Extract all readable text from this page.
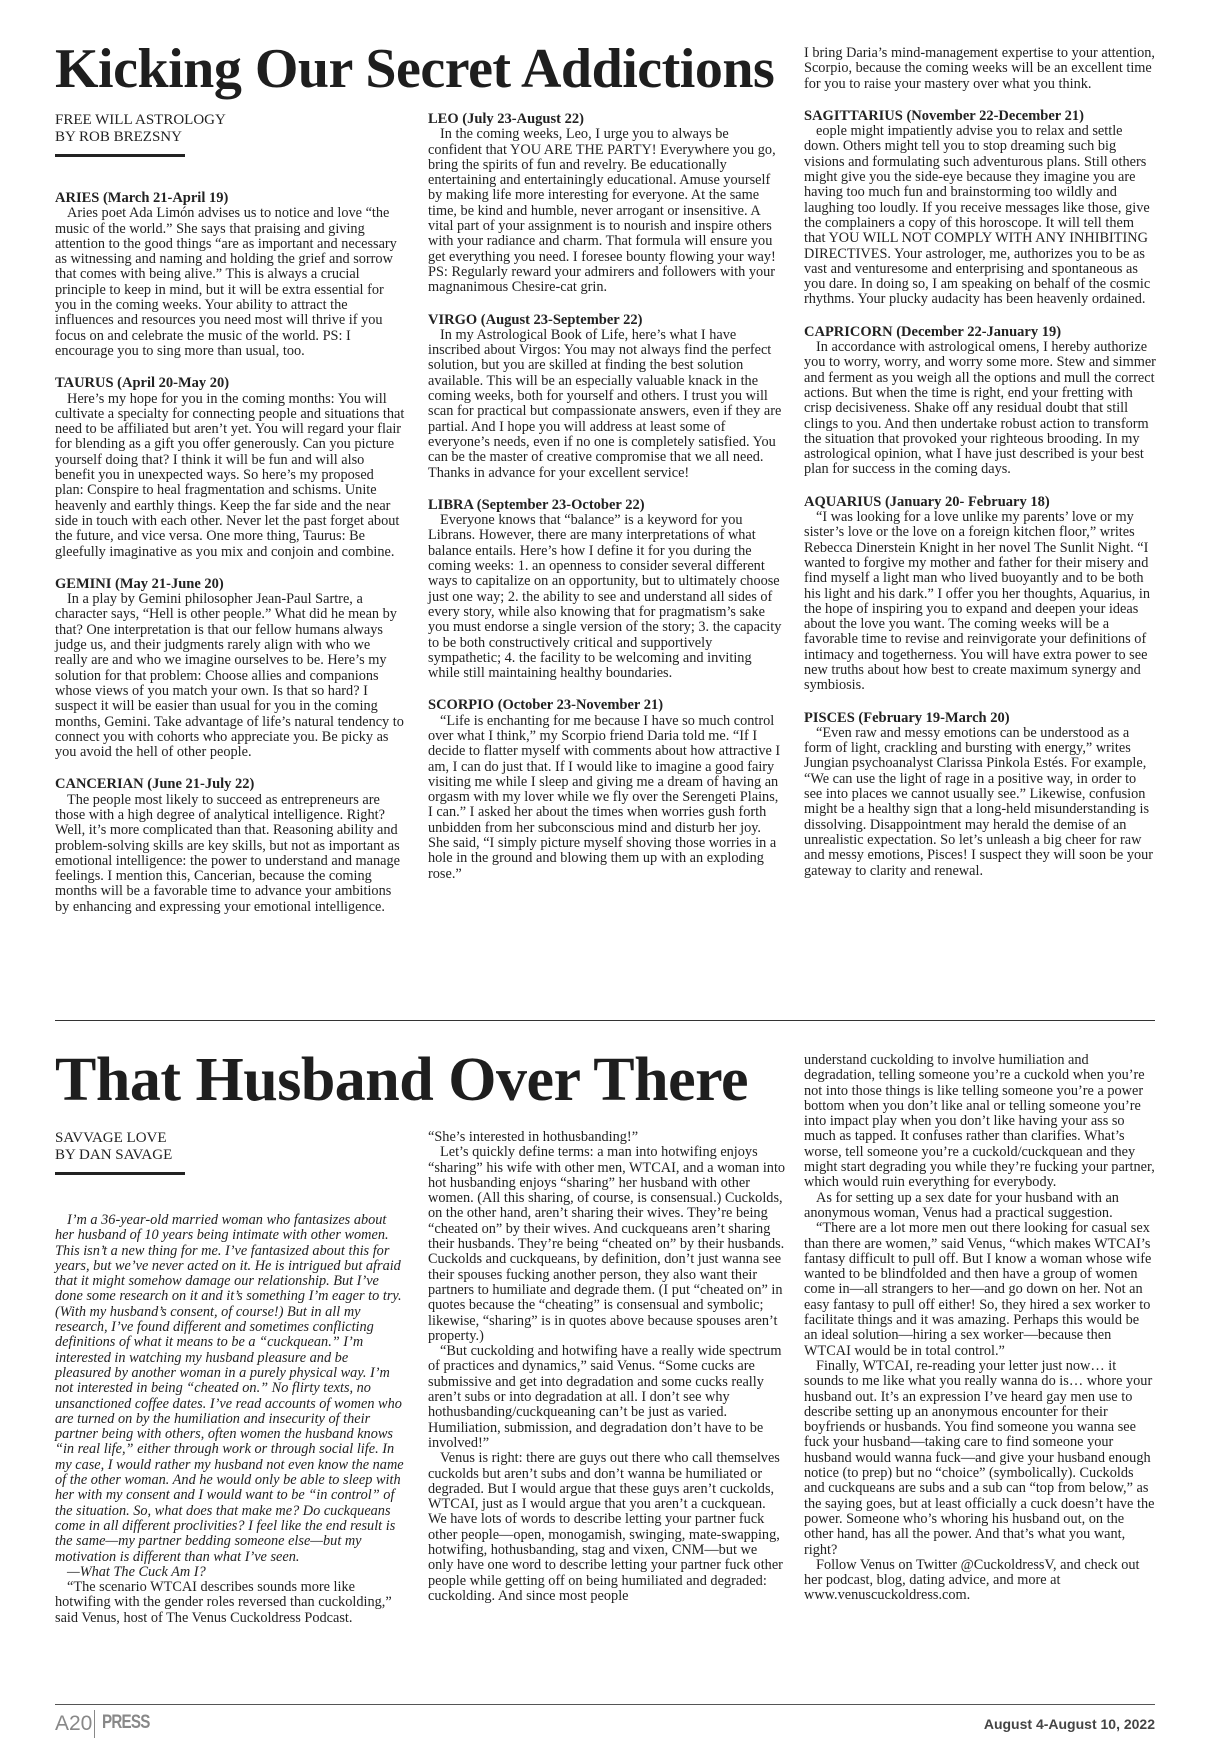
Kicking Our Secret Addictions
FREE WILL ASTROLOGY
BY ROB BREZSNY

ARIES (March 21-April 19)

Aries poet Ada Limón advises us to notice and love “the music of the world.” She says that praising and giving attention to the good things “are as important and necessary as witnessing and naming and holding the grief and sorrow that comes with being alive.” This is always a crucial principle to keep in mind, but it will be extra essential for you in the coming weeks. Your ability to attract the influences and resources you need most will thrive if you focus on and celebrate the music of the world. PS: I encourage you to sing more than usual, too.

TAURUS (April 20-May 20)

Here’s my hope for you in the coming months: You will cultivate a specialty for connecting people and situations that need to be affiliated but aren’t yet. You will regard your flair for blending as a gift you offer generously. Can you picture yourself doing that? I think it will be fun and will also benefit you in unexpected ways. So here’s my proposed plan: Conspire to heal fragmentation and schisms. Unite heavenly and earthly things. Keep the far side and the near side in touch with each other. Never let the past forget about the future, and vice versa. One more thing, Taurus: Be gleefully imaginative as you mix and conjoin and combine.

GEMINI (May 21-June 20)

In a play by Gemini philosopher Jean-Paul Sartre, a character says, “Hell is other people.” What did he mean by that? One interpretation is that our fellow humans always judge us, and their judgments rarely align with who we really are and who we imagine ourselves to be. Here’s my solution for that problem: Choose allies and companions whose views of you match your own. Is that so hard? I suspect it will be easier than usual for you in the coming months, Gemini. Take advantage of life’s natural tendency to connect you with cohorts who appreciate you. Be picky as you avoid the hell of other people.

CANCERIAN (June 21-July 22)

The people most likely to succeed as entrepreneurs are those with a high degree of analytical intelligence. Right? Well, it’s more complicated than that. Reasoning ability and problem-solving skills are key skills, but not as important as emotional intelligence: the power to understand and manage feelings. I mention this, Cancerian, because the coming months will be a favorable time to advance your ambitions by enhancing and expressing your emotional intelligence.

LEO (July 23-August 22)

In the coming weeks, Leo, I urge you to always be confident that YOU ARE THE PARTY! Everywhere you go, bring the spirits of fun and revelry. Be educationally entertaining and entertainingly educational. Amuse yourself by making life more interesting for everyone. At the same time, be kind and humble, never arrogant or insensitive. A vital part of your assignment is to nourish and inspire others with your radiance and charm. That formula will ensure you get everything you need. I foresee bounty flowing your way! PS: Regularly reward your admirers and followers with your magnanimous Chesire-cat grin.

VIRGO (August 23-September 22)

In my Astrological Book of Life, here’s what I have inscribed about Virgos: You may not always find the perfect solution, but you are skilled at finding the best solution available. This will be an especially valuable knack in the coming weeks, both for yourself and others. I trust you will scan for practical but compassionate answers, even if they are partial. And I hope you will address at least some of everyone’s needs, even if no one is completely satisfied. You can be the master of creative compromise that we all need. Thanks in advance for your excellent service!

LIBRA (September 23-October 22)

Everyone knows that “balance” is a keyword for you Librans. However, there are many interpretations of what balance entails. Here’s how I define it for you during the coming weeks: 1. an openness to consider several different ways to capitalize on an opportunity, but to ultimately choose just one way; 2. the ability to see and understand all sides of every story, while also knowing that for pragmatism’s sake you must endorse a single version of the story; 3. the capacity to be both constructively critical and supportively sympathetic; 4. the facility to be welcoming and inviting while still maintaining healthy boundaries.

SCORPIO (October 23-November 21)

“Life is enchanting for me because I have so much control over what I think,” my Scorpio friend Daria told me. “If I decide to flatter myself with comments about how attractive I am, I can do just that. If I would like to imagine a good fairy visiting me while I sleep and giving me a dream of having an orgasm with my lover while we fly over the Serengeti Plains, I can.” I asked her about the times when worries gush forth unbidden from her subconscious mind and disturb her joy. She said, “I simply picture myself shoving those worries in a hole in the ground and blowing them up with an exploding rose.”

I bring Daria’s mind-management expertise to your attention, Scorpio, because the coming weeks will be an excellent time for you to raise your mastery over what you think.

SAGITTARIUS (November 22-December 21)

eople might impatiently advise you to relax and settle down. Others might tell you to stop dreaming such big visions and formulating such adventurous plans. Still others might give you the side-eye because they imagine you are having too much fun and brainstorming too wildly and laughing too loudly. If you receive messages like those, give the complainers a copy of this horoscope. It will tell them that YOU WILL NOT COMPLY WITH ANY INHIBITING DIRECTIVES. Your astrologer, me, authorizes you to be as vast and venturesome and enterprising and spontaneous as you dare. In doing so, I am speaking on behalf of the cosmic rhythms. Your plucky audacity has been heavenly ordained.

CAPRICORN (December 22-January 19)

In accordance with astrological omens, I hereby authorize you to worry, worry, and worry some more. Stew and simmer and ferment as you weigh all the options and mull the correct actions. But when the time is right, end your fretting with crisp decisiveness. Shake off any residual doubt that still clings to you. And then undertake robust action to transform the situation that provoked your righteous brooding. In my astrological opinion, what I have just described is your best plan for success in the coming days.

AQUARIUS (January 20- February 18)

“I was looking for a love unlike my parents’ love or my sister’s love or the love on a foreign kitchen floor,” writes Rebecca Dinerstein Knight in her novel The Sunlit Night. “I wanted to forgive my mother and father for their misery and find myself a light man who lived buoyantly and to be both his light and his dark.” I offer you her thoughts, Aquarius, in the hope of inspiring you to expand and deepen your ideas about the love you want. The coming weeks will be a favorable time to revise and reinvigorate your definitions of intimacy and togetherness. You will have extra power to see new truths about how best to create maximum synergy and symbiosis.

PISCES (February 19-March 20)

“Even raw and messy emotions can be understood as a form of light, crackling and bursting with energy,” writes Jungian psychoanalyst Clarissa Pinkola Estés. For example, “We can use the light of rage in a positive way, in order to see into places we cannot usually see.” Likewise, confusion might be a healthy sign that a long-held misunderstanding is dissolving. Disappointment may herald the demise of an unrealistic expectation. So let’s unleash a big cheer for raw and messy emotions, Pisces! I suspect they will soon be your gateway to clarity and renewal.

That Husband Over There
SAVVAGE LOVE
BY DAN SAVAGE

I’m a 36-year-old married woman who fantasizes about her husband of 10 years being intimate with other women. This isn’t a new thing for me. I’ve fantasized about this for years, but we’ve never acted on it. He is intrigued but afraid that it might somehow damage our relationship. But I’ve done some research on it and it’s something I’m eager to try. (With my husband’s consent, of course!) But in all my research, I’ve found different and sometimes conflicting definitions of what it means to be a “cuckquean.” I’m interested in watching my husband pleasure and be pleasured by another woman in a purely physical way. I’m not interested in being “cheated on.” No flirty texts, no unsanctioned coffee dates. I’ve read accounts of women who are turned on by the humiliation and insecurity of their partner being with others, often women the husband knows “in real life,” either through work or through social life. In my case, I would rather my husband not even know the name of the other woman. And he would only be able to sleep with her with my consent and I would want to be “in control” of the situation. So, what does that make me? Do cuckqueans come in all different proclivities? I feel like the end result is the same—my partner bedding someone else—but my motivation is different than what I’ve seen.

—What The Cuck Am I?

“The scenario WTCAI describes sounds more like hotwifing with the gender roles reversed than cuckolding,” said Venus, host of The Venus Cuckoldress Podcast.

“She’s interested in hothusbanding!”

Let’s quickly define terms: a man into hotwifing enjoys “sharing” his wife with other men, WTCAI, and a woman into hot husbanding enjoys “sharing” her husband with other women. (All this sharing, of course, is consensual.) Cuckolds, on the other hand, aren’t sharing their wives. They’re being “cheated on” by their wives. And cuckqueans aren’t sharing their husbands. They’re being “cheated on” by their husbands. Cuckolds and cuckqueans, by definition, don’t just wanna see their spouses fucking another person, they also want their partners to humiliate and degrade them. (I put “cheated on” in quotes because the “cheating” is consensual and symbolic; likewise, “sharing” is in quotes above because spouses aren’t property.)

“But cuckolding and hotwifing have a really wide spectrum of practices and dynamics,” said Venus. “Some cucks are submissive and get into degradation and some cucks really aren’t subs or into degradation at all. I don’t see why hothusbanding/cuckqueaning can’t be just as varied. Humiliation, submission, and degradation don’t have to be involved!”

Venus is right: there are guys out there who call themselves cuckolds but aren’t subs and don’t wanna be humiliated or degraded. But I would argue that these guys aren’t cuckolds, WTCAI, just as I would argue that you aren’t a cuckquean. We have lots of words to describe letting your partner fuck other people—open, monogamish, swinging, mate-swapping, hotwifing, hothusbanding, stag and vixen, CNM—but we only have one word to describe letting your partner fuck other people while getting off on being humiliated and degraded: cuckolding. And since most people

understand cuckolding to involve humiliation and degradation, telling someone you’re a cuckold when you’re not into those things is like telling someone you’re a power bottom when you don’t like anal or telling someone you’re into impact play when you don’t like having your ass so much as tapped. It confuses rather than clarifies. What’s worse, tell someone you’re a cuckold/cuckquean and they might start degrading you while they’re fucking your partner, which would ruin everything for everybody.

As for setting up a sex date for your husband with an anonymous woman, Venus had a practical suggestion.

“There are a lot more men out there looking for casual sex than there are women,” said Venus, “which makes WTCAI’s fantasy difficult to pull off. But I know a woman whose wife wanted to be blindfolded and then have a group of women come in—all strangers to her—and go down on her. Not an easy fantasy to pull off either! So, they hired a sex worker to facilitate things and it was amazing. Perhaps this would be an ideal solution—hiring a sex worker—because then WTCAI would be in total control.”

Finally, WTCAI, re-reading your letter just now… it sounds to me like what you really wanna do is… whore your husband out. It’s an expression I’ve heard gay men use to describe setting up an anonymous encounter for their boyfriends or husbands. You find someone you wanna see fuck your husband—taking care to find someone your husband would wanna fuck—and give your husband enough notice (to prep) but no “choice” (symbolically). Cuckolds and cuckqueans are subs and a sub can “top from below,” as the saying goes, but at least officially a cuck doesn’t have the power. Someone who’s whoring his husband out, on the other hand, has all the power. And that’s what you want, right?

Follow Venus on Twitter @CuckoldressV, and check out her podcast, blog, dating advice, and more at www.venuscuckoldress.com.

A20 PRESS	August 4-August 10, 2022
